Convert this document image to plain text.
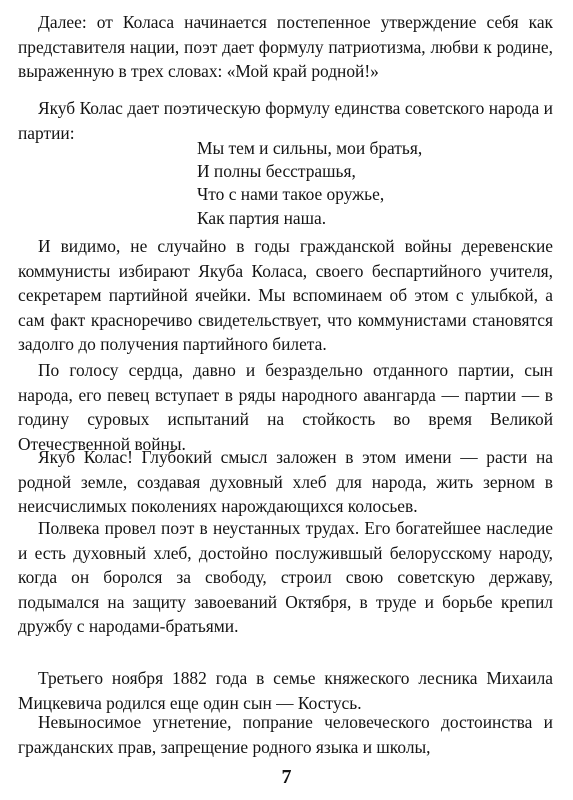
Далее: от Коласа начинается постепенное утверждение себя как представителя нации, поэт дает формулу патриотизма, любви к родине, выраженную в трех словах: «Мой край родной!»

Якуб Колас дает поэтическую формулу единства советского народа и партии:

Мы тем и сильны, мои братья,
И полны бесстрашья,
Что с нами такое оружье,
Как партия наша.

И видимо, не случайно в годы гражданской войны деревенские коммунисты избирают Якуба Коласа, своего беспартийного учителя, секретарем партийной ячейки. Мы вспоминаем об этом с улыбкой, а сам факт красноречиво свидетельствует, что коммунистами становятся задолго до получения партийного билета.

По голосу сердца, давно и безраздельно отданного партии, сын народа, его певец вступает в ряды народного авангарда — партии — в годину суровых испытаний на стойкость во время Великой Отечественной войны.

Якуб Колас! Глубокий смысл заложен в этом имени — расти на родной земле, создавая духовный хлеб для народа, жить зерном в неисчислимых поколениях нарождающихся колосьев.

Полвека провел поэт в неустанных трудах. Его богатейшее наследие и есть духовный хлеб, достойно послужившый белорусскому народу, когда он боролся за свободу, строил свою советскую державу, подымался на защиту завоеваний Октября, в труде и борьбе крепил дружбу с народами-братьями.

Третьего ноября 1882 года в семье княжеского лесника Михаила Мицкевича родился еще один сын — Костусь.

Невыносимое угнетение, попрание человеческого достоинства и гражданских прав, запрещение родного языка и школы,

7
